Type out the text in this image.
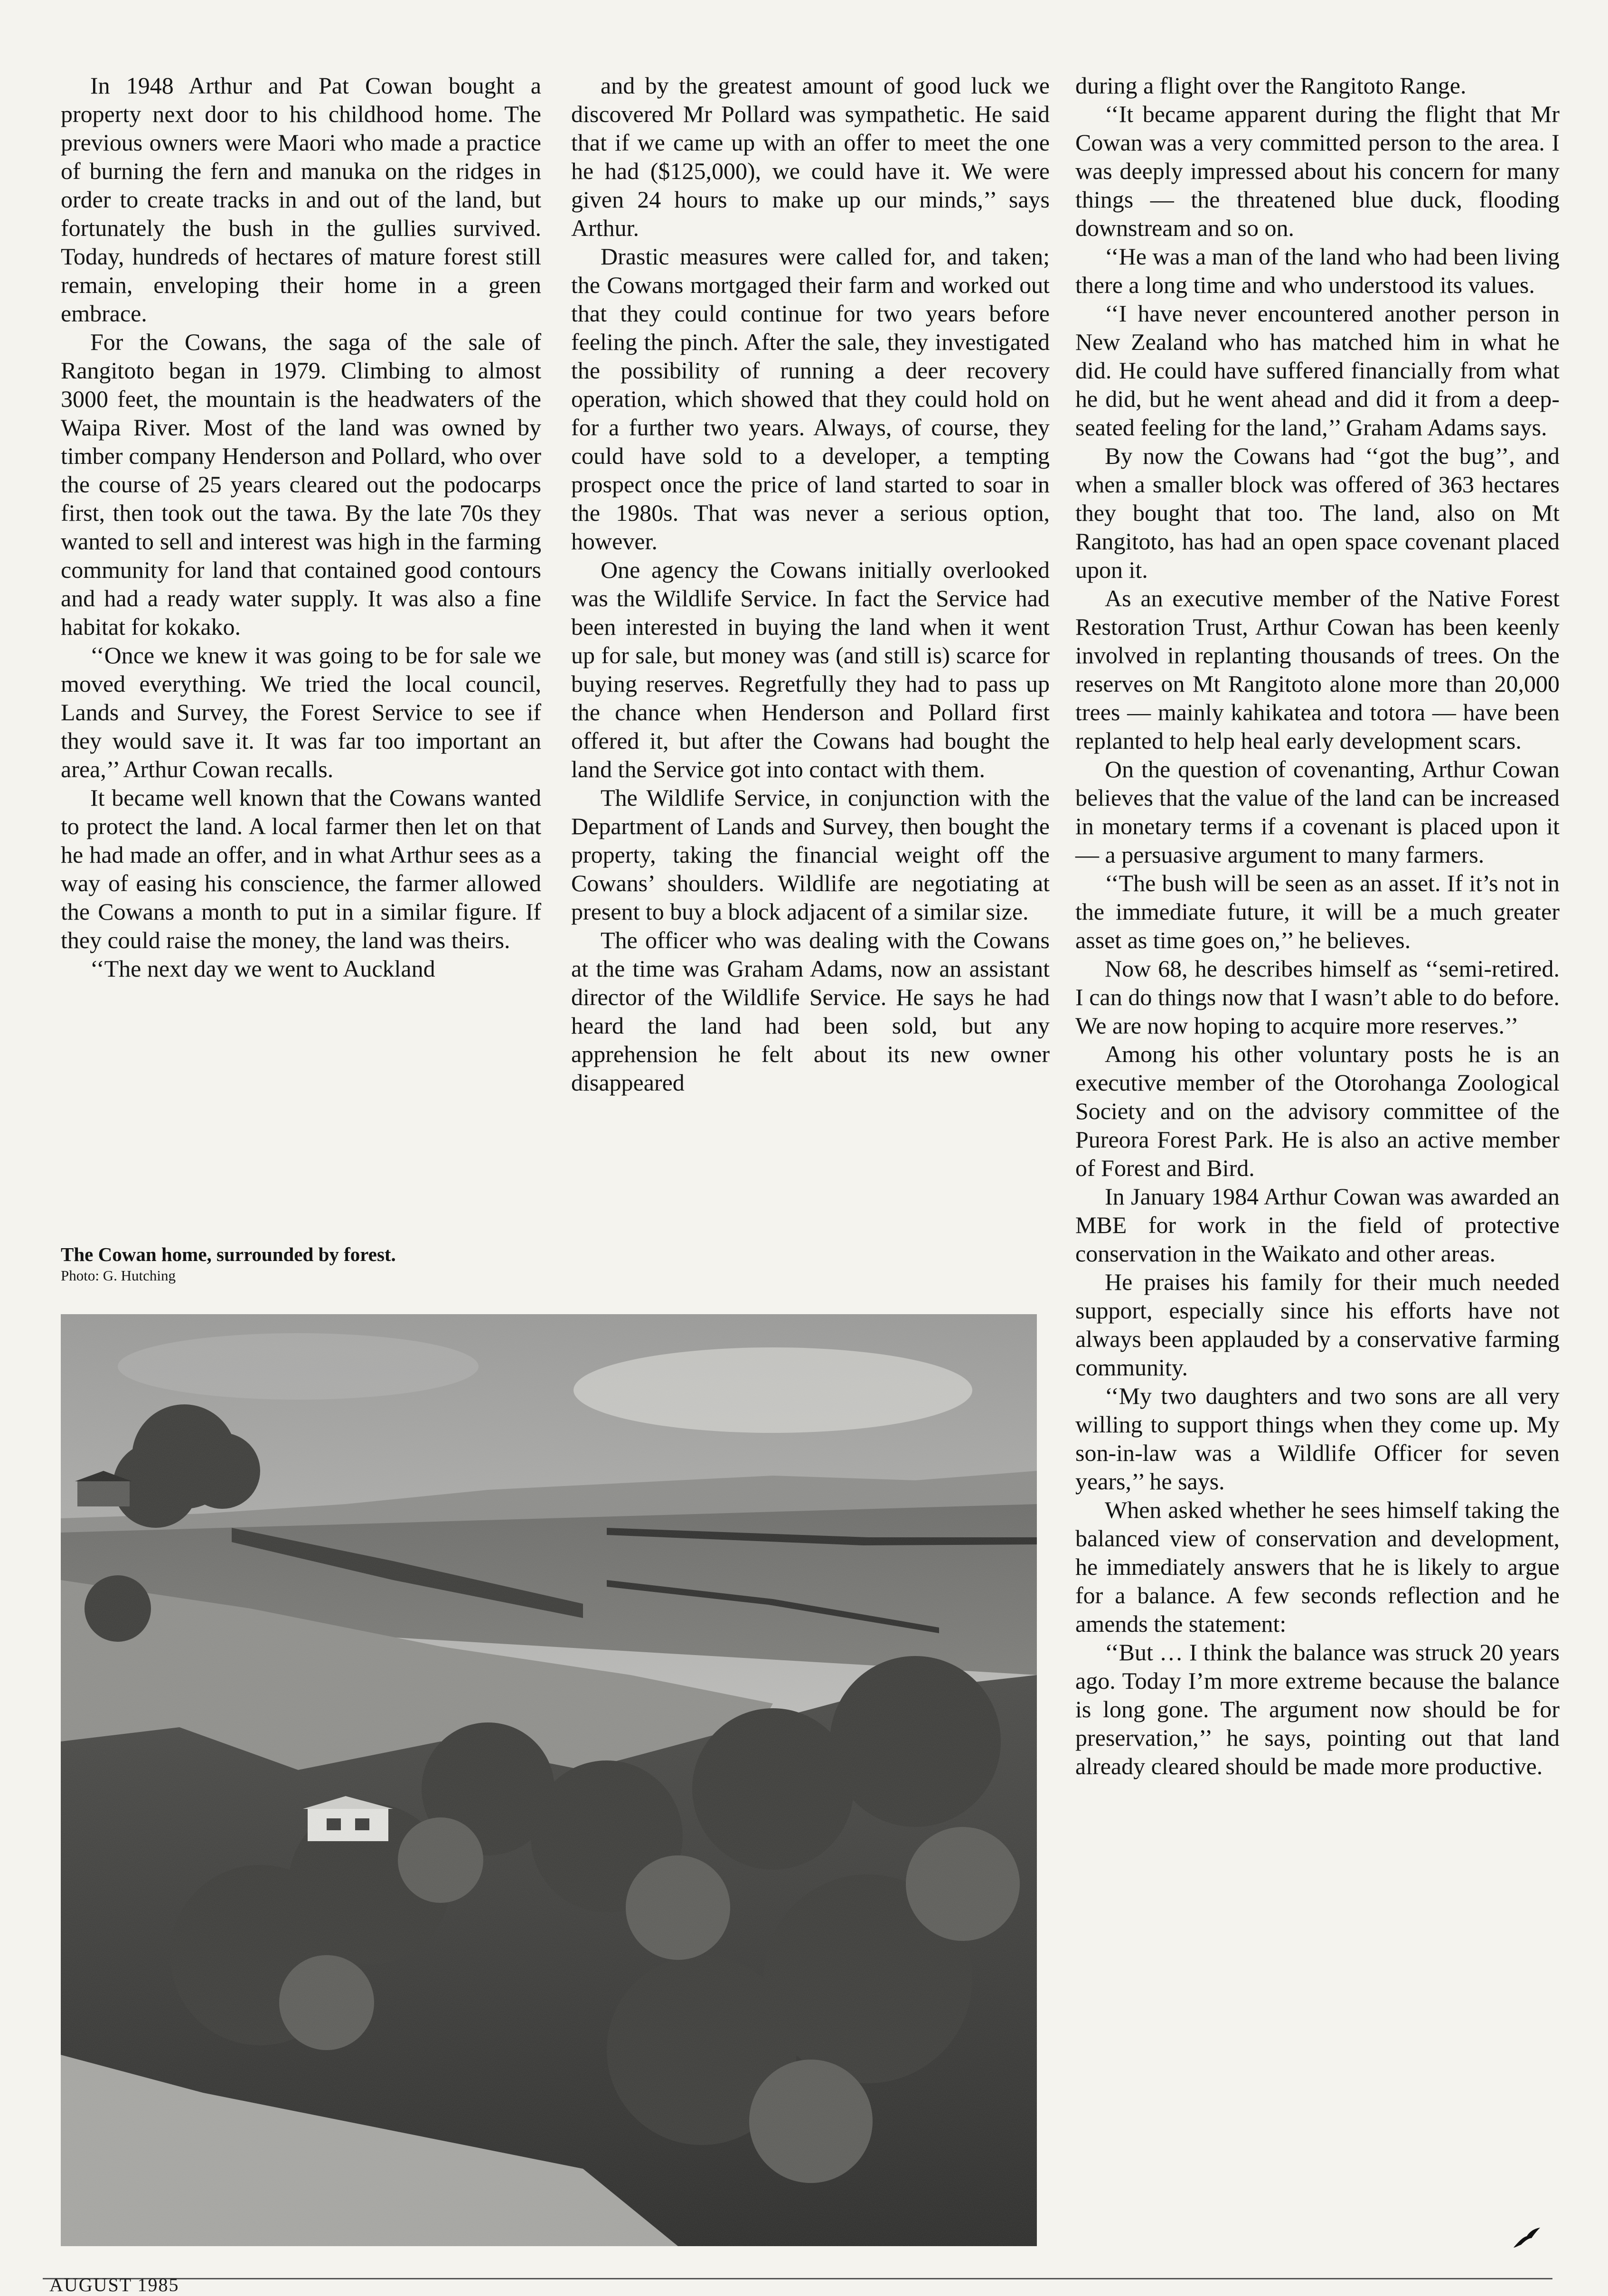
In 1948 Arthur and Pat Cowan bought a property next door to his childhood home. The previous owners were Maori who made a practice of burning the fern and manuka on the ridges in order to create tracks in and out of the land, but fortunately the bush in the gullies survived. Today, hundreds of hectares of mature forest still remain, enveloping their home in a green embrace.

For the Cowans, the saga of the sale of Rangitoto began in 1979. Climbing to almost 3000 feet, the mountain is the headwaters of the Waipa River. Most of the land was owned by timber company Henderson and Pollard, who over the course of 25 years cleared out the podocarps first, then took out the tawa. By the late 70s they wanted to sell and interest was high in the farming community for land that contained good contours and had a ready water supply. It was also a fine habitat for kokako.

‘‘Once we knew it was going to be for sale we moved everything. We tried the local council, Lands and Survey, the Forest Service to see if they would save it. It was far too important an area,’’ Arthur Cowan recalls.

It became well known that the Cowans wanted to protect the land. A local farmer then let on that he had made an offer, and in what Arthur sees as a way of easing his conscience, the farmer allowed the Cowans a month to put in a similar figure. If they could raise the money, the land was theirs.

‘‘The next day we went to Auckland

The Cowan home, surrounded by forest.

Photo: G. Hutching

and by the greatest amount of good luck we discovered Mr Pollard was sympathetic. He said that if we came up with an offer to meet the one he had ($125,000), we could have it. We were given 24 hours to make up our minds,’’ says Arthur.

Drastic measures were called for, and taken; the Cowans mortgaged their farm and worked out that they could continue for two years before feeling the pinch. After the sale, they investigated the possibility of running a deer recovery operation, which showed that they could hold on for a further two years. Always, of course, they could have sold to a developer, a tempting prospect once the price of land started to soar in the 1980s. That was never a serious option, however.

One agency the Cowans initially overlooked was the Wildlife Service. In fact the Service had been interested in buying the land when it went up for sale, but money was (and still is) scarce for buying reserves. Regretfully they had to pass up the chance when Henderson and Pollard first offered it, but after the Cowans had bought the land the Service got into contact with them.

The Wildlife Service, in conjunction with the Department of Lands and Survey, then bought the property, taking the financial weight off the Cowans’ shoulders. Wildlife are negotiating at present to buy a block adjacent of a similar size.

The officer who was dealing with the Cowans at the time was Graham Adams, now an assistant director of the Wildlife Service. He says he had heard the land had been sold, but any apprehension he felt about its new owner disappeared

during a flight over the Rangitoto Range.

‘‘It became apparent during the flight that Mr Cowan was a very committed person to the area. I was deeply impressed about his concern for many things — the threatened blue duck, flooding downstream and so on.

‘‘He was a man of the land who had been living there a long time and who understood its values.

‘‘I have never encountered another person in New Zealand who has matched him in what he did. He could have suffered financially from what he did, but he went ahead and did it from a deep-seated feeling for the land,’’ Graham Adams says.

By now the Cowans had ‘‘got the bug’’, and when a smaller block was offered of 363 hectares they bought that too. The land, also on Mt Rangitoto, has had an open space covenant placed upon it.

As an executive member of the Native Forest Restoration Trust, Arthur Cowan has been keenly involved in replanting thousands of trees. On the reserves on Mt Rangitoto alone more than 20,000 trees — mainly kahikatea and totora — have been replanted to help heal early development scars.

On the question of covenanting, Arthur Cowan believes that the value of the land can be increased in monetary terms if a covenant is placed upon it — a persuasive argument to many farmers.

‘‘The bush will be seen as an asset. If it’s not in the immediate future, it will be a much greater asset as time goes on,’’ he believes.

Now 68, he describes himself as ‘‘semi-retired. I can do things now that I wasn’t able to do before. We are now hoping to acquire more reserves.’’

Among his other voluntary posts he is an executive member of the Otorohanga Zoological Society and on the advisory committee of the Pureora Forest Park. He is also an active member of Forest and Bird.

In January 1984 Arthur Cowan was awarded an MBE for work in the field of protective conservation in the Waikato and other areas.

He praises his family for their much needed support, especially since his efforts have not always been applauded by a conservative farming community.

‘‘My two daughters and two sons are all very willing to support things when they come up. My son-in-law was a Wildlife Officer for seven years,’’ he says.

When asked whether he sees himself taking the balanced view of conservation and development, he immediately answers that he is likely to argue for a balance. A few seconds reflection and he amends the statement:

‘‘But … I think the balance was struck 20 years ago. Today I’m more extreme because the balance is long gone. The argument now should be for preservation,’’ he says, pointing out that land already cleared should be made more productive.

AUGUST 1985
